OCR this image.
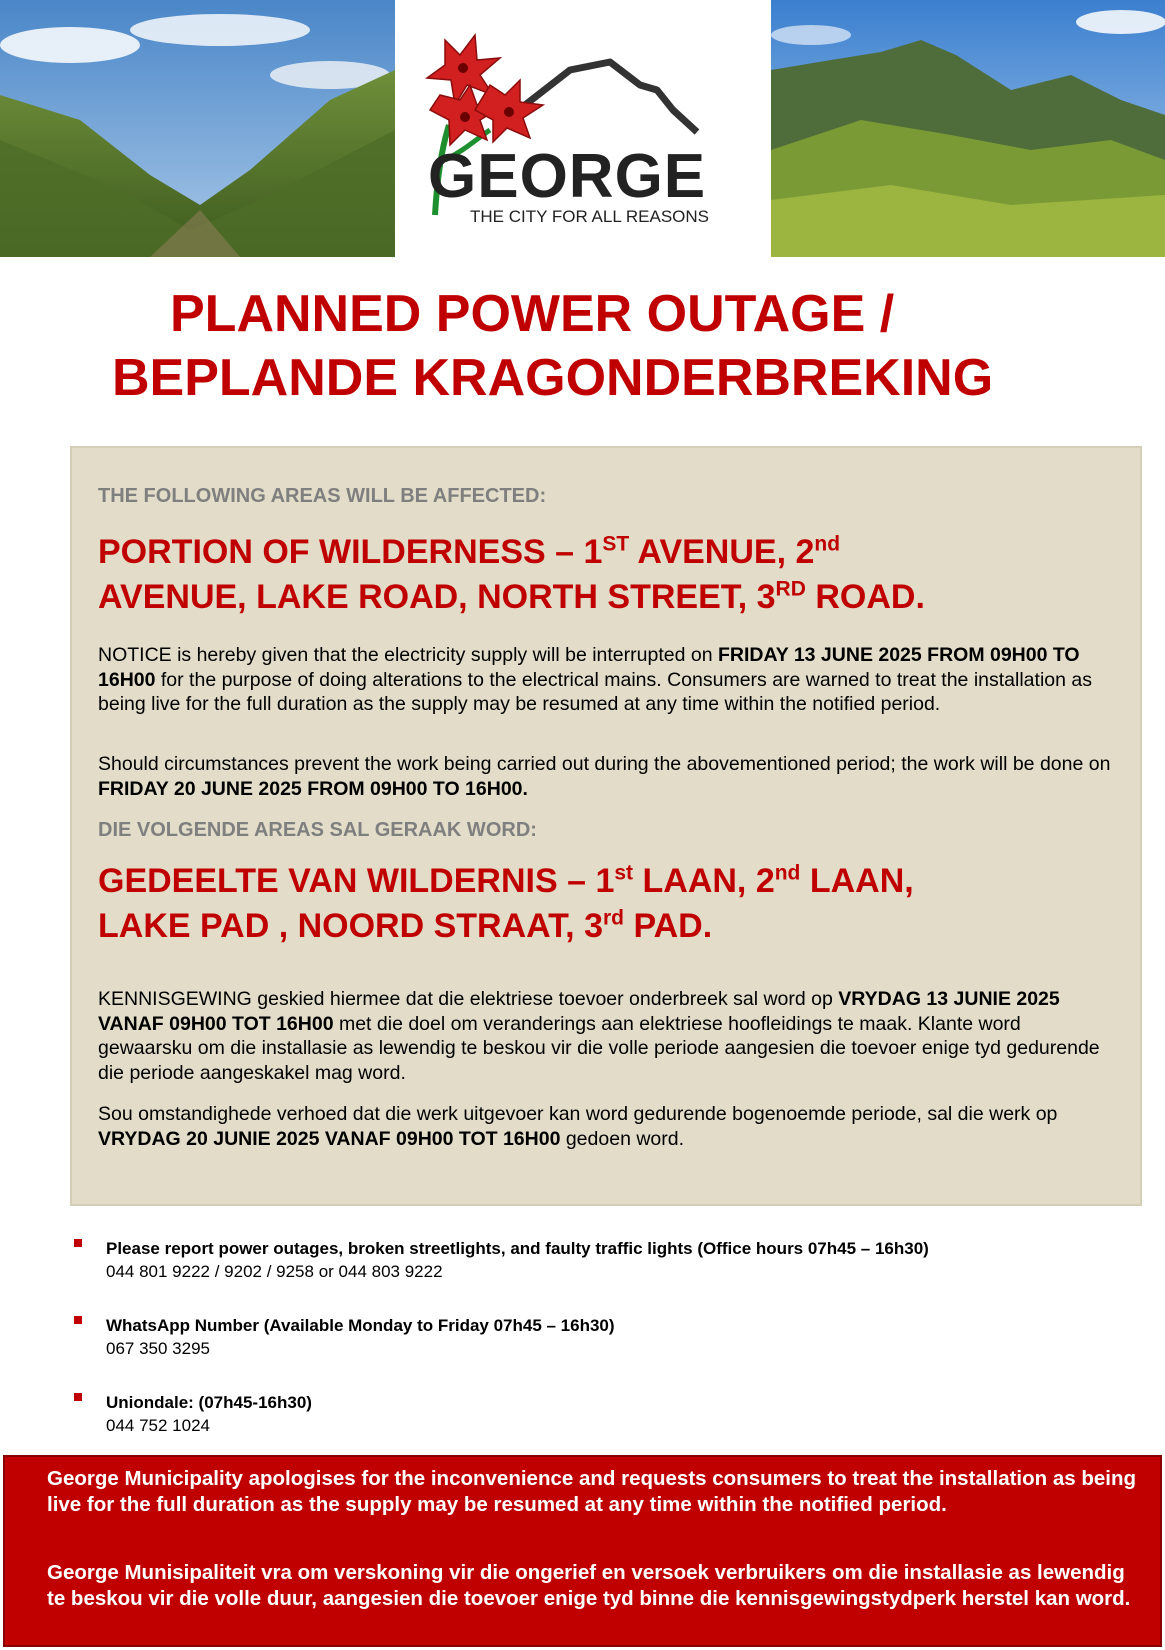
GEORGE
THE CITY FOR ALL REASONS
PLANNED POWER OUTAGE /
BEPLANDE KRAGONDERBREKING
THE FOLLOWING AREAS WILL BE AFFECTED:
PORTION OF WILDERNESS – 1ST AVENUE, 2nd
AVENUE, LAKE ROAD, NORTH STREET, 3RD ROAD.
NOTICE is hereby given that the electricity supply will be interrupted on FRIDAY 13 JUNE 2025 FROM 09H00 TO 16H00 for the purpose of doing alterations to the electrical mains. Consumers are warned to treat the installation as being live for the full duration as the supply may be resumed at any time within the notified period.
Should circumstances prevent the work being carried out during the abovementioned period; the work will be done on FRIDAY 20 JUNE 2025 FROM 09H00 TO 16H00.
DIE VOLGENDE AREAS SAL GERAAK WORD:
GEDEELTE VAN WILDERNIS – 1st LAAN, 2nd LAAN,
LAKE PAD , NOORD STRAAT, 3rd PAD.
KENNISGEWING geskied hiermee dat die elektriese toevoer onderbreek sal word op VRYDAG 13 JUNIE 2025 VANAF 09H00 TOT 16H00 met die doel om veranderings aan elektriese hoofleidings te maak. Klante word gewaarsku om die installasie as lewendig te beskou vir die volle periode aangesien die toevoer enige tyd gedurende die periode aangeskakel mag word.
Sou omstandighede verhoed dat die werk uitgevoer kan word gedurende bogenoemde periode, sal die werk op VRYDAG 20 JUNIE 2025 VANAF 09H00 TOT 16H00 gedoen word.
Please report power outages, broken streetlights, and faulty traffic lights (Office hours 07h45 – 16h30)
044 801 9222 / 9202 / 9258 or 044 803 9222
WhatsApp Number (Available Monday to Friday 07h45 – 16h30)
067 350 3295
Uniondale: (07h45-16h30)
044 752 1024
George Municipality apologises for the inconvenience and requests consumers to treat the installation as being live for the full duration as the supply may be resumed at any time within the notified period.
George Munisipaliteit vra om verskoning vir die ongerief en versoek verbruikers om die installasie as lewendig te beskou vir die volle duur, aangesien die toevoer enige tyd binne die kennisgewingstydperk herstel kan word.
